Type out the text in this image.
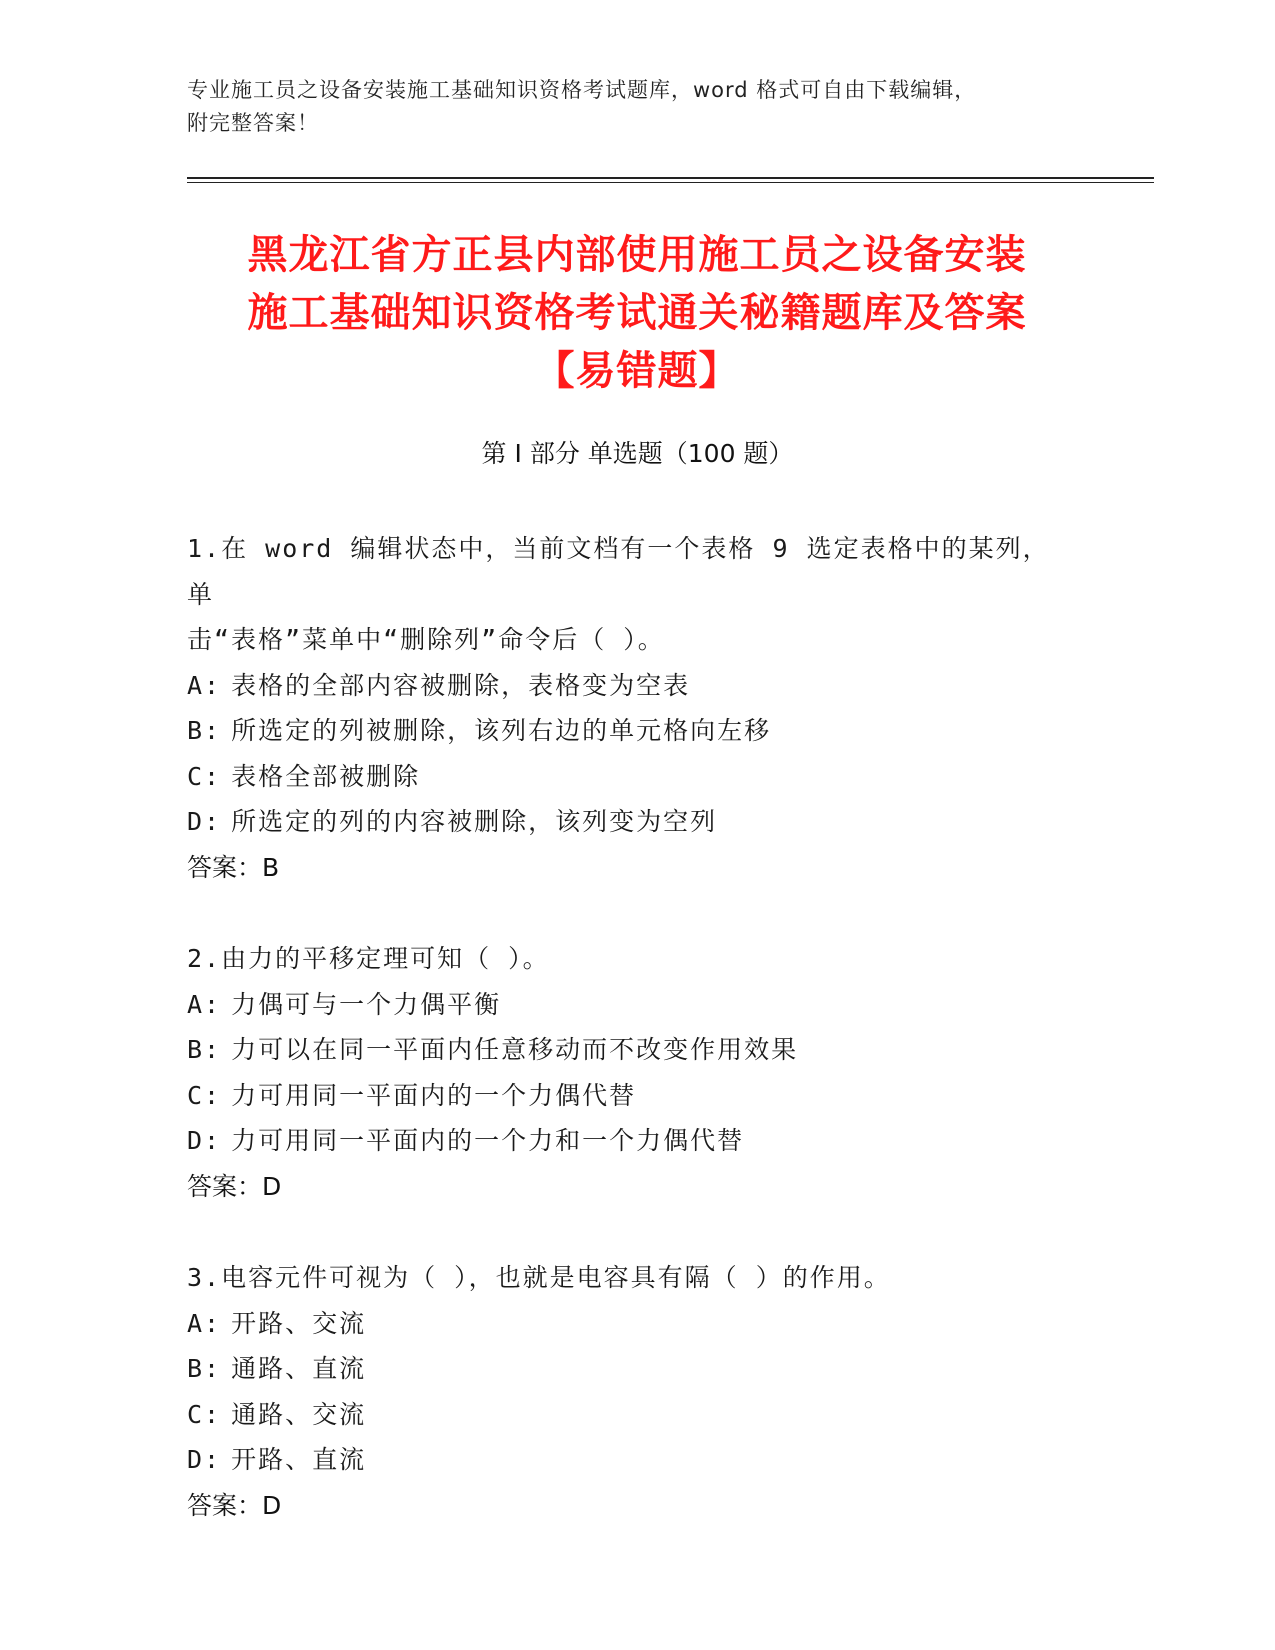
专业施工员之设备安装施工基础知识资格考试题库，word 格式可自由下载编辑，
附完整答案！
黑龙江省方正县内部使用施工员之设备安装
施工基础知识资格考试通关秘籍题库及答案
【易错题】
第 I 部分 单选题（100 题）
1.在 word 编辑状态中，当前文档有一个表格 9 选定表格中的某列，单
击“表格”菜单中“删除列”命令后（ ）。
A: 表格的全部内容被删除，表格变为空表
B: 所选定的列被删除，该列右边的单元格向左移
C: 表格全部被删除
D: 所选定的列的内容被删除，该列变为空列
答案：B
2.由力的平移定理可知（ ）。
A: 力偶可与一个力偶平衡
B: 力可以在同一平面内任意移动而不改变作用效果
C: 力可用同一平面内的一个力偶代替
D: 力可用同一平面内的一个力和一个力偶代替
答案：D
3.电容元件可视为（ ），也就是电容具有隔（ ）的作用。
A: 开路、交流
B: 通路、直流
C: 通路、交流
D: 开路、直流
答案：D
